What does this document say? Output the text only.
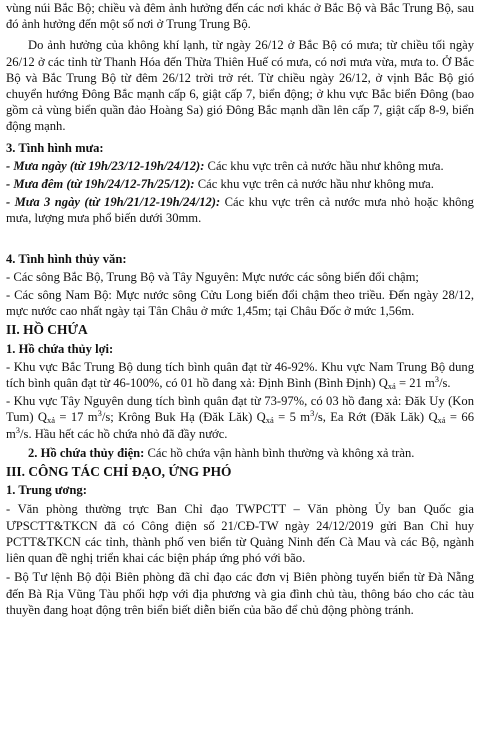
vùng núi Bắc Bộ; chiều và đêm ảnh hưởng đến các nơi khác ở Bắc Bộ và Bắc Trung Bộ, sau đó ảnh hưởng đến một số nơi ở Trung Trung Bộ.

Do ảnh hưởng của không khí lạnh, từ ngày 26/12 ở Bắc Bộ có mưa; từ chiều tối ngày 26/12 ở các tỉnh từ Thanh Hóa đến Thừa Thiên Huế có mưa, có nơi mưa vừa, mưa to. Ở Bắc Bộ và Bắc Trung Bộ từ đêm 26/12 trời trở rét. Từ chiều ngày 26/12, ở vịnh Bắc Bộ gió chuyển hướng Đông Bắc mạnh cấp 6, giật cấp 7, biển động; ở khu vực Bắc biển Đông (bao gồm cả vùng biển quần đảo Hoàng Sa) gió Đông Bắc mạnh dần lên cấp 7, giật cấp 8-9, biển động mạnh.

3. Tình hình mưa:

- Mưa ngày (từ 19h/23/12-19h/24/12): Các khu vực trên cả nước hầu như không mưa.

- Mưa đêm (từ 19h/24/12-7h/25/12): Các khu vực trên cả nước hầu như không mưa.

- Mưa 3 ngày (từ 19h/21/12-19h/24/12): Các khu vực trên cả nước mưa nhỏ hoặc không mưa, lượng mưa phổ biến dưới 30mm.

4. Tình hình thủy văn:

- Các sông Bắc Bộ, Trung Bộ và Tây Nguyên: Mực nước các sông biến đổi chậm;

- Các sông Nam Bộ: Mực nước sông Cửu Long biến đổi chậm theo triều. Đến ngày 28/12, mực nước cao nhất ngày tại Tân Châu ở mức 1,45m; tại Châu Đốc ở mức 1,56m.

II. HỒ CHỨA

1. Hồ chứa thủy lợi:

- Khu vực Bắc Trung Bộ dung tích bình quân đạt từ 46-92%. Khu vực Nam Trung Bộ dung tích bình quân đạt từ 46-100%, có 01 hồ đang xả: Định Bình (Bình Định) $Q_{xả} = 21$ $m^3/s$.

- Khu vực Tây Nguyên dung tích bình quân đạt từ 73-97%, có 03 hồ đang xả: Đăk Uy (Kon Tum) $Q_{xả} = 17$ $m^3/s$; Krông Buk Hạ (Đăk Lăk) $Q_{xả} = 5$ $m^3/s$, Ea Rớt (Đăk Lăk) $Q_{xả} = 66$ $m^3/s$. Hầu hết các hồ chứa nhỏ đã đầy nước.

2. Hồ chứa thủy điện: Các hồ chứa vận hành bình thường và không xả tràn.

III. CÔNG TÁC CHỈ ĐẠO, ỨNG PHÓ

1. Trung ương:

- Văn phòng thường trực Ban Chỉ đạo TWPCTT – Văn phòng Ủy ban Quốc gia ƯPSCTT&TKCN đã có Công điện số 21/CĐ-TW ngày 24/12/2019 gửi Ban Chỉ huy PCTT&TKCN các tỉnh, thành phố ven biển từ Quảng Ninh đến Cà Mau và các Bộ, ngành liên quan đề nghị triển khai các biện pháp ứng phó với bão.

- Bộ Tư lệnh Bộ đội Biên phòng đã chỉ đạo các đơn vị Biên phòng tuyến biển từ Đà Nẵng đến Bà Rịa Vũng Tàu phối hợp với địa phương và gia đình chủ tàu, thông báo cho các tàu thuyền đang hoạt động trên biển biết diễn biến của bão để chủ động phòng tránh.
